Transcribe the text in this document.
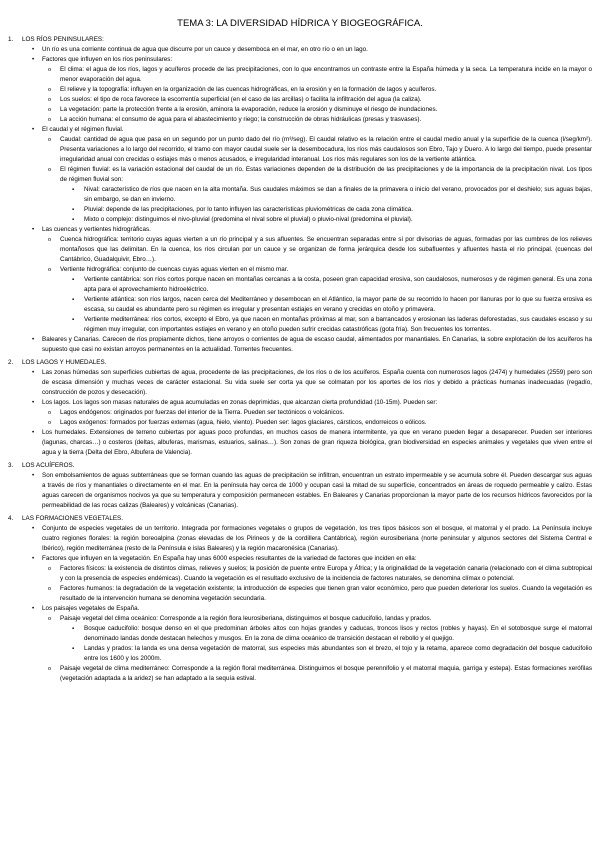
TEMA 3: LA DIVERSIDAD HÍDRICA Y BIOGEOGRÁFICA.
1. LOS RÍOS PENINSULARES:
• Un río es una corriente continua de agua que discurre por un cauce y desemboca en el mar, en otro río o en un lago.
• Factores que influyen en los ríos peninsulares:
o El clima: el agua de los ríos, lagos y acuíferos procede de las precipitaciones, con lo que encontramos un contraste entre la España húmeda y la seca. La temperatura incide en la mayor o menor evaporación del agua.
o El relieve y la topografía: influyen en la organización de las cuencas hidrográficas, en la erosión y en la formación de lagos y acuíferos.
o Los suelos: el tipo de roca favorece la escorrentía superficial (en el caso de las arcillas) o facilita la infiltración del agua (la caliza).
o La vegetación: parte la protección frente a la erosión, aminora la evaporación, reduce la erosión y disminuye el riesgo de inundaciones.
o La acción humana: el consumo de agua para el abastecimiento y riego; la construcción de obras hidráulicas (presas y trasvases).
• El caudal y el régimen fluvial.
o Caudal: cantidad de agua que pasa en un segundo por un punto dado del río (m³/seg). El caudal relativo es la relación entre el caudal medio anual y la superficie de la cuenca (l/seg/km²). Presenta variaciones a lo largo del recorrido, el tramo con mayor caudal suele ser la desembocadura, los ríos más caudalosos son Ebro, Tajo y Duero. A lo largo del tiempo, puede presentar irregularidad anual con crecidas o estiajes más o menos acusados, e irregularidad interanual. Los ríos más regulares son los de la vertiente atlántica.
o El régimen fluvial: es la variación estacional del caudal de un río. Estas variaciones dependen de la distribución de las precipitaciones y de la importancia de la precipitación nival. Los tipos de régimen fluvial son:
▪ Nival: característico de ríos que nacen en la alta montaña. Sus caudales máximos se dan a finales de la primavera o inicio del verano, provocados por el deshielo; sus aguas bajas, sin embargo, se dan en invierno.
▪ Pluvial: depende de las precipitaciones, por lo tanto influyen las características pluviométricas de cada zona climática.
▪ Mixto o complejo: distinguimos el nivo-pluvial (predomina el nival sobre el pluvial) o pluvio-nival (predomina el pluvial).
• Las cuencas y vertientes hidrográficas.
o Cuenca hidrográfica: territorio cuyas aguas vierten a un río principal y a sus afluentes. Se encuentran separadas entre sí por divisorias de aguas, formadas por las cumbres de los relieves montañosos que las delimitan. En la cuenca, los ríos circulan por un cauce y se organizan de forma jerárquica desde los subafluentes y afluentes hasta el río principal. (cuencas del Cantábrico, Guadalquivir, Ebro…).
o Vertiente hidrográfica: conjunto de cuencas cuyas aguas vierten en el mismo mar.
▪ Vertiente cantábrica: son ríos cortos porque nacen en montañas cercanas a la costa, poseen gran capacidad erosiva, son caudalosos, numerosos y de régimen general. Es una zona apta para el aprovechamiento hidroeléctrico.
▪ Vertiente atlántica: son ríos largos, nacen cerca del Mediterráneo y desembocan en el Atlántico, la mayor parte de su recorrido lo hacen por llanuras por lo que su fuerza erosiva es escasa, su caudal es abundante pero su régimen es irregular y presentan estiajes en verano y crecidas en otoño y primavera.
▪ Vertiente mediterránea: ríos cortos, excepto el Ebro, ya que nacen en montañas próximas al mar, son a barrancados y erosionan las laderas deforestadas, sus caudales escaso y su régimen muy irregular, con importantes estiajes en verano y en otoño pueden sufrir crecidas catastróficas (gota fría). Son frecuentes los torrentes.
• Baleares y Canarias. Carecen de ríos propiamente dichos, tiene arroyos o corrientes de agua de escaso caudal, alimentados por manantiales. En Canarias, la sobre explotación de los acuíferos ha supuesto que casi no existan arroyos permanentes en la actualidad. Torrentes frecuentes.
2. LOS LAGOS Y HUMEDALES.
• Las zonas húmedas son superficies cubiertas de agua, procedente de las precipitaciones, de los ríos o de los acuíferos. España cuenta con numerosos lagos (2474) y humedales (2559) pero son de escasa dimensión y muchas veces de carácter estacional. Su vida suele ser corta ya que se colmatan por los aportes de los ríos y debido a prácticas humanas inadecuadas (regadío, construcción de pozos y desecación).
• Los lagos. Los lagos son masas naturales de agua acumuladas en zonas deprimidas, que alcanzan cierta profundidad (10-15m). Pueden ser:
o Lagos endógenos: originados por fuerzas del interior de la Tierra. Pueden ser tectónicos o volcánicos.
o Lagos exógenos: formados por fuerzas externas (agua, hielo, viento). Pueden ser: lagos glaciares, cársticos, endorreicos o eólicos.
• Los humedales. Extensiones de terreno cubiertas por aguas poco profundas, en muchos casos de manera intermitente, ya que en verano pueden llegar a desaparecer. Pueden ser interiores (lagunas, charcas…) o costeros (deltas, albuferas, marismas, estuarios, salinas…). Son zonas de gran riqueza biológica, gran biodiversidad en especies animales y vegetales que viven entre el agua y la tierra (Delta del Ebro, Albufera de Valencia).
3. LOS ACUÍFEROS.
• Son embolsamientos de aguas subterráneas que se forman cuando las aguas de precipitación se infiltran, encuentran un estrato impermeable y se acumula sobre él. Pueden descargar sus aguas a través de ríos y manantiales o directamente en el mar. En la península hay cerca de 1000 y ocupan casi la mitad de su superficie, concentrados en áreas de roquedo permeable y calizo. Estas aguas carecen de organismos nocivos ya que su temperatura y composición permanecen estables. En Baleares y Canarias proporcionan la mayor parte de los recursos hídricos favorecidos por la permeabilidad de las rocas calizas (Baleares) y volcánicas (Canarias).
4. LAS FORMACIONES VEGETALES.
• Conjunto de especies vegetales de un territorio. Integrada por formaciones vegetales o grupos de vegetación, los tres tipos básicos son el bosque, el matorral y el prado. La Península incluye cuatro regiones florales: la región boreoalpina (zonas elevadas de los Pirineos y de la cordillera Cantábrica), región eurosiberiana (norte peninsular y algunos sectores del Sistema Central e Ibérico), región mediterránea (resto de la Península e islas Baleares) y la región macaronésica (Canarias).
• Factores que influyen en la vegetación. En España hay unas 6000 especies resultantes de la variedad de factores que inciden en ella:
o Factores físicos: la existencia de distintos climas, relieves y suelos; la posición de puente entre Europa y África; y la originalidad de la vegetación canaria (relacionado con el clima subtropical y con la presencia de especies endémicas). Cuando la vegetación es el resultado exclusivo de la incidencia de factores naturales, se denomina clímax o potencial.
o Factores humanos: la degradación de la vegetación existente; la introducción de especies que tienen gran valor económico, pero que pueden deteriorar los suelos. Cuando la vegetación es resultado de la intervención humana se denomina vegetación secundaria.
• Los paisajes vegetales de España.
o Paisaje vegetal del clima oceánico: Corresponde a la región flora leurosiberiana, distinguimos el bosque caducifolio, landas y prados.
▪ Bosque caducifolio: bosque denso en el que predominan árboles altos con hojas grandes y caducas, troncos lisos y rectos (robles y hayas). En el sotobosque surge el matorral denominado landas donde destacan helechos y musgos. En la zona de clima oceánico de transición destacan el rebollo y el quejigo.
▪ Landas y prados: la landa es una densa vegetación de matorral, sus especies más abundantes son el brezo, el tojo y la retama, aparece como degradación del bosque caducifolio entre los 1600 y los 2000m.
o Paisaje vegetal de clima mediterráneo: Corresponde a la región floral mediterránea. Distinguimos el bosque perennifolio y el matorral maquia, garriga y estepa). Estas formaciones xerófilas (vegetación adaptada a la aridez) se han adaptado a la sequía estival.
